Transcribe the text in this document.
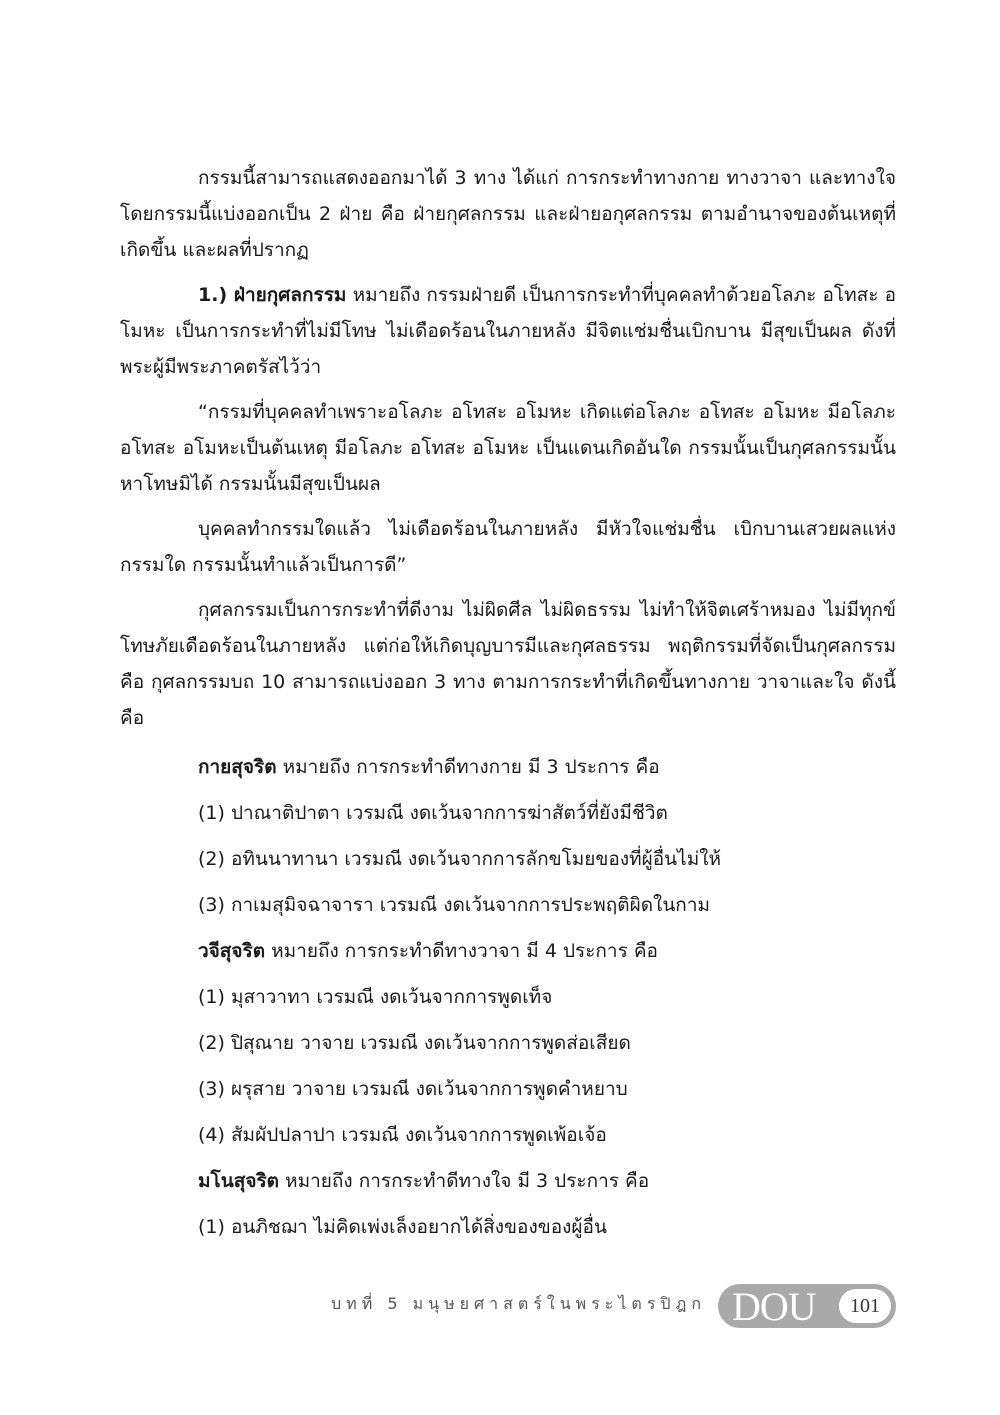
กรรมนี้สามารถแสดงออกมาได้ 3 ทาง ได้แก่ การกระทำทางกาย ทางวาจา และทางใจ โดยกรรมนี้แบ่งออกเป็น 2 ฝ่าย คือ ฝ่ายกุศลกรรม และฝ่ายอกุศลกรรม ตามอำนาจของต้นเหตุที่เกิดขึ้น และผลที่ปรากฏ

1.) ฝ่ายกุศลกรรม หมายถึง กรรมฝ่ายดี เป็นการกระทำที่บุคคลทำด้วยอโลภะ อโทสะ อโมหะ เป็นการกระทำที่ไม่มีโทษ ไม่เดือดร้อนในภายหลัง มีจิตแช่มชื่นเบิกบาน มีสุขเป็นผล ดังที่พระผู้มีพระภาคตรัสไว้ว่า

“กรรมที่บุคคลทำเพราะอโลภะ อโทสะ อโมหะ เกิดแต่อโลภะ อโทสะ อโมหะ มีอโลภะ อโทสะ อโมหะเป็นต้นเหตุ มีอโลภะ อโทสะ อโมหะ เป็นแดนเกิดอันใด กรรมนั้นเป็นกุศลกรรมนั้นหาโทษมิได้ กรรมนั้นมีสุขเป็นผล

บุคคลทำกรรมใดแล้ว ไม่เดือดร้อนในภายหลัง มีหัวใจแช่มชื่น เบิกบานเสวยผลแห่งกรรมใด กรรมนั้นทำแล้วเป็นการดี”

กุศลกรรมเป็นการกระทำที่ดีงาม ไม่ผิดศีล ไม่ผิดธรรม ไม่ทำให้จิตเศร้าหมอง ไม่มีทุกข์โทษภัยเดือดร้อนในภายหลัง แต่ก่อให้เกิดบุญบารมีและกุศลธรรม พฤติกรรมที่จัดเป็นกุศลกรรมคือ กุศลกรรมบถ 10 สามารถแบ่งออก 3 ทาง ตามการกระทำที่เกิดขึ้นทางกาย วาจาและใจ ดังนี้ คือ

กายสุจริต หมายถึง การกระทำดีทางกาย มี 3 ประการ คือ
(1) ปาณาติปาตา เวรมณี งดเว้นจากการฆ่าสัตว์ที่ยังมีชีวิต
(2) อทินนาทานา เวรมณี งดเว้นจากการลักขโมยของที่ผู้อื่นไม่ให้
(3) กาเมสุมิจฉาจารา เวรมณี งดเว้นจากการประพฤติผิดในกาม
วจีสุจริต หมายถึง การกระทำดีทางวาจา มี 4 ประการ คือ
(1) มุสาวาทา เวรมณี งดเว้นจากการพูดเท็จ
(2) ปิสุณาย วาจาย เวรมณี งดเว้นจากการพูดส่อเสียด
(3) ผรุสาย วาจาย เวรมณี งดเว้นจากการพูดคำหยาบ
(4) สัมผัปปลาปา เวรมณี งดเว้นจากการพูดเพ้อเจ้อ
มโนสุจริต หมายถึง การกระทำดีทางใจ มี 3 ประการ คือ
(1) อนภิชฌา ไม่คิดเพ่งเล็งอยากได้สิ่งของของผู้อื่น
บทที่ 5 มนุษยศาสตร์ในพระไตรปิฎก DOU	101
